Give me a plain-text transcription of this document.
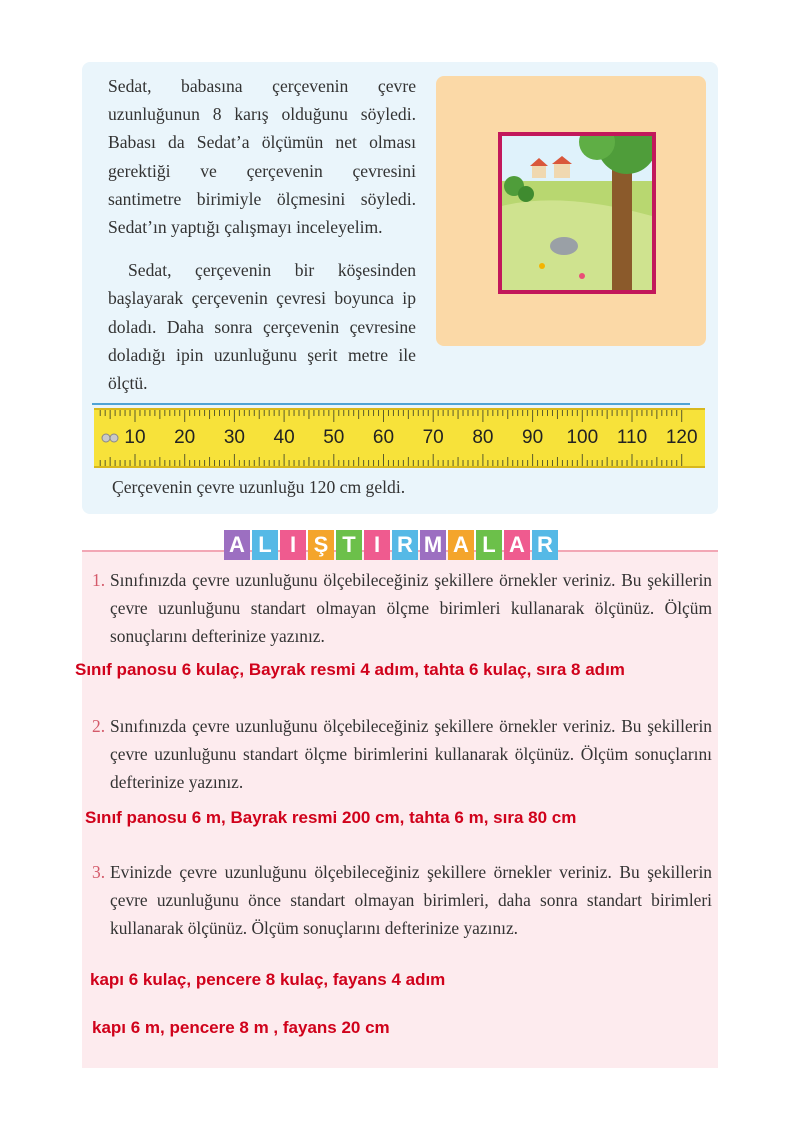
Sedat, babasına çerçevenin çevre uzunluğunun 8 karış olduğunu söyledi. Babası da Sedat’a ölçümün net olması gerektiği ve çerçevenin çevresini santimetre birimiyle ölçmesini söyledi. Sedat’ın yaptığı çalışmayı inceleyelim.

Sedat, çerçevenin bir köşesinden başlayarak çerçevenin çevresi boyunca ip doladı. Daha sonra çerçevenin çevresine doladığı ipin uzunluğunu şerit metre ile ölçtü.

10 20 30 40 50 60 70 80 90 100 110 120
Çerçevenin çevre uzunluğu 120 cm geldi.
A L I Ş T I R M A L A R
1. Sınıfınızda çevre uzunluğunu ölçebileceğiniz şekillere örnekler veriniz. Bu şekillerin çevre uzunluğunu standart olmayan ölçme birimleri kullanarak ölçünüz. Ölçüm sonuçlarını defterinize yazınız.
Sınıf panosu 6 kulaç, Bayrak resmi 4 adım, tahta 6 kulaç, sıra 8 adım
2. Sınıfınızda çevre uzunluğunu ölçebileceğiniz şekillere örnekler veriniz. Bu şekillerin çevre uzunluğunu standart ölçme birimlerini kullanarak ölçünüz. Ölçüm sonuçlarını defterinize yazınız.
Sınıf panosu 6 m, Bayrak resmi 200 cm, tahta 6 m, sıra 80 cm
3. Evinizde çevre uzunluğunu ölçebileceğiniz şekillere örnekler veriniz. Bu şekillerin çevre uzunluğunu önce standart olmayan birimleri, daha sonra standart birimleri kullanarak ölçünüz. Ölçüm sonuçlarını defterinize yazınız.
kapı 6 kulaç, pencere 8 kulaç, fayans 4 adım
kapı 6 m, pencere 8 m , fayans 20 cm
